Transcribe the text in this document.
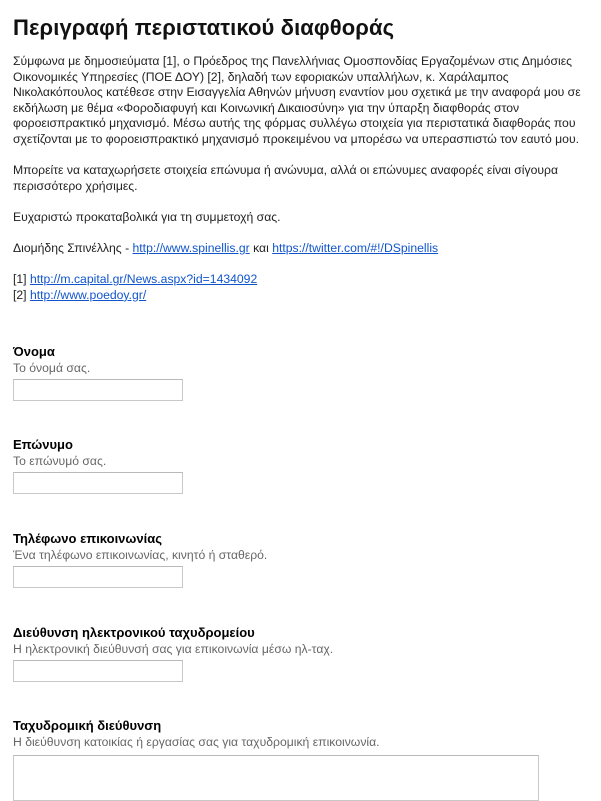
Περιγραφή περιστατικού διαφθοράς

Σύμφωνα με δημοσιεύματα [1], ο Πρόεδρος της Πανελλήνιας Ομοσπονδίας Εργαζομένων στις Δημόσιες Οικονομικές Υπηρεσίες (ΠΟΕ ΔΟΥ) [2], δηλαδή των εφοριακών υπαλλήλων, κ. Χαράλαμπος Νικολακόπουλος κατέθεσε στην Εισαγγελία Αθηνών μήνυση εναντίον μου σχετικά με την αναφορά μου σε εκδήλωση με θέμα «Φοροδιαφυγή και Κοινωνική Δικαιοσύνη» για την ύπαρξη διαφθοράς στον φοροεισπρακτικό μηχανισμό. Μέσω αυτής της φόρμας συλλέγω στοιχεία για περιστατικά διαφθοράς που σχετίζονται με το φοροεισπρακτικό μηχανισμό προκειμένου να μπορέσω να υπερασπιστώ τον εαυτό μου.

Μπορείτε να καταχωρήσετε στοιχεία επώνυμα ή ανώνυμα, αλλά οι επώνυμες αναφορές είναι σίγουρα περισσότερο χρήσιμες.

Ευχαριστώ προκαταβολικά για τη συμμετοχή σας.

Διομήδης Σπινέλλης - http://www.spinellis.gr και https://twitter.com/#!/DSpinellis

[1] http://m.capital.gr/News.aspx?id=1434092
[2] http://www.poedoy.gr/

Όνομα
Το όνομά σας.
Επώνυμο
Το επώνυμό σας.
Τηλέφωνο επικοινωνίας
Ένα τηλέφωνο επικοινωνίας, κινητό ή σταθερό.
Διεύθυνση ηλεκτρονικού ταχυδρομείου
Η ηλεκτρονική διεύθυνσή σας για επικοινωνία μέσω ηλ-ταχ.
Ταχυδρομική διεύθυνση
Η διεύθυνση κατοικίας ή εργασίας σας για ταχυδρομική επικοινωνία.
